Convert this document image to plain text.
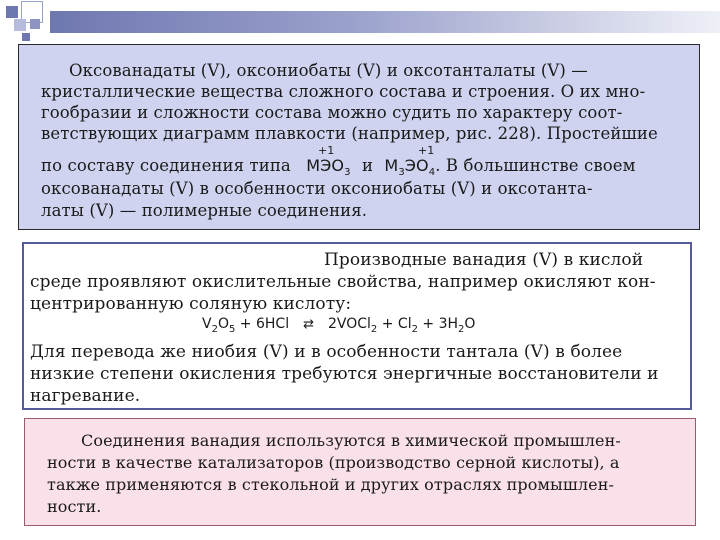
Оксованадаты (V), оксониобаты (V) и оксотанталаты (V) —
кристаллические вещества сложного состава и строения. О их мно-
гообразии и сложности состава можно судить по характеру соот-
ветствующих диаграмм плавкости (например, рис. 228). Простейшие
+1	+1
по составу соединения типа $МЭО_3$ и $М_3ЭО_4$. В большинстве своем
оксованадаты (V) в особенности оксониобаты (V) и оксотанта-
латы (V) — полимерные соединения.
Производные ванадия (V) в кислой
среде проявляют окислительные свойства, например окисляют кон-
центрированную соляную кислоту:
$V_2O_5 + 6HCl$ ⇄ 2VOCl$_2$ + $Cl_2 + 3H_2O$
Для перевода же ниобия (V) и в особенности тантала (V) в более
низкие степени окисления требуются энергичные восстановители и
нагревание.
Соединения ванадия используются в химической промышлен-
ности в качестве катализаторов (производство серной кислоты), а
также применяются в стекольной и других отраслях промышлен-
ности.
